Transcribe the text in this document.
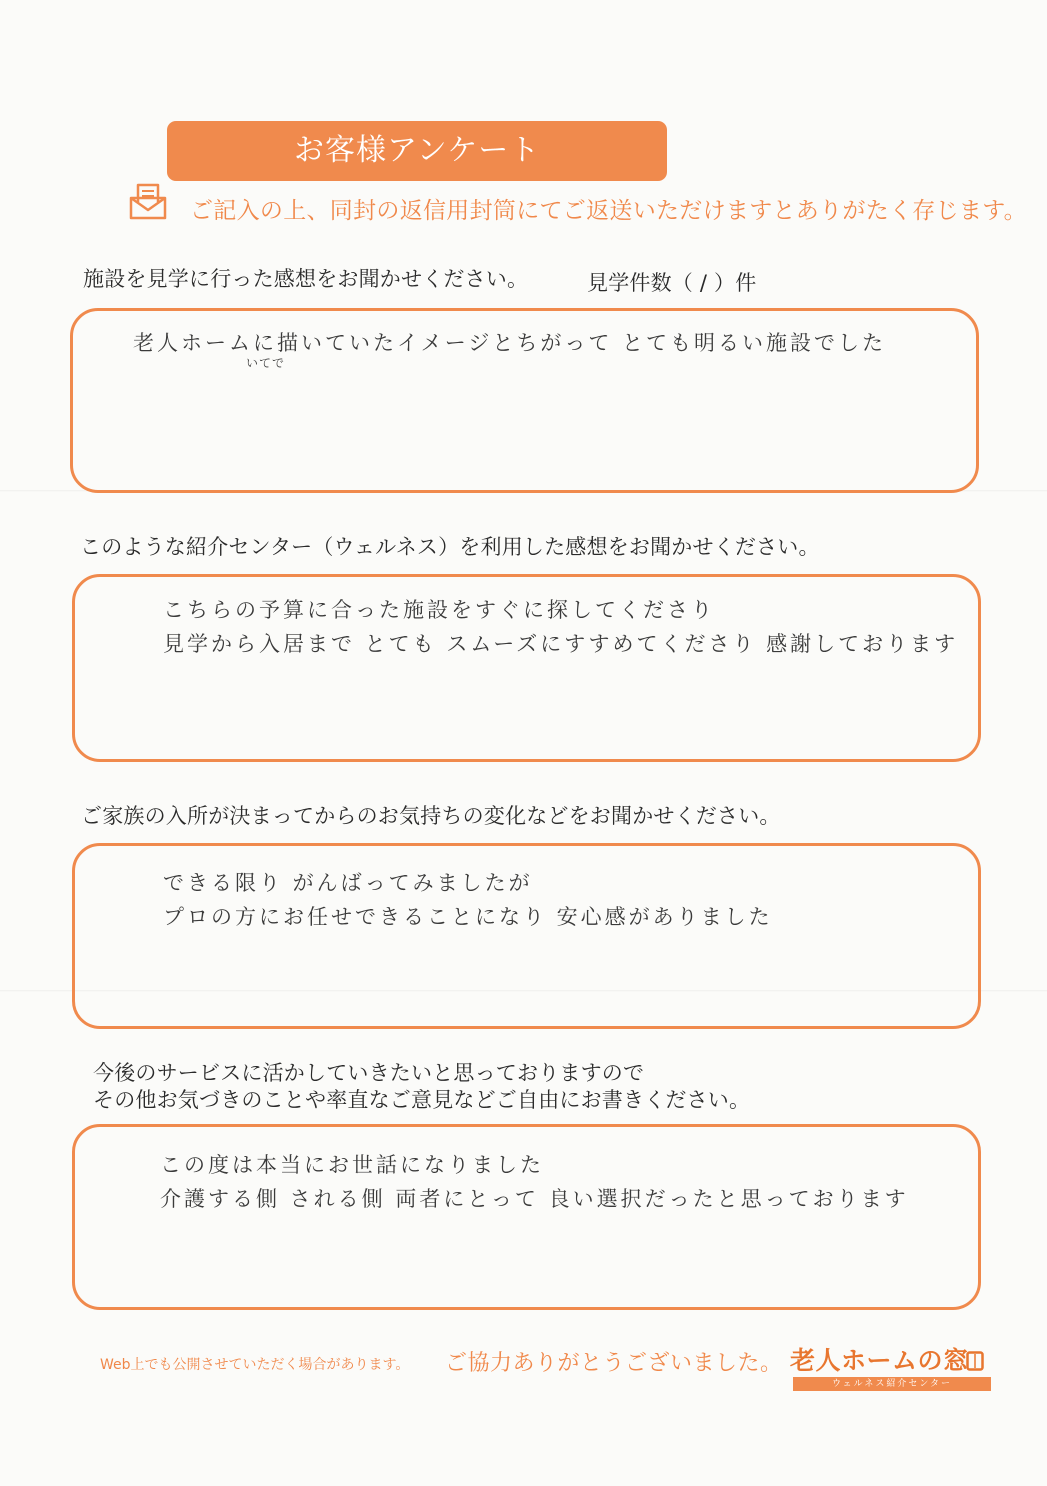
お客様アンケート
ご記入の上、同封の返信用封筒にてご返送いただけますとありがたく存じます。
施設を見学に行った感想をお聞かせください。	見学件数（ / ）件
老人ホームに描いていたイメージとちがって とても明るい施設でした
いてで
このような紹介センター（ウェルネス）を利用した感想をお聞かせください。
こちらの予算に合った施設をすぐに探してくださり
見学から入居まで とても スムーズにすすめてくださり 感謝しております
ご家族の入所が決まってからのお気持ちの変化などをお聞かせください。
できる限り がんばってみましたが
プロの方にお任せできることになり 安心感がありました
今後のサービスに活かしていきたいと思っておりますので
その他お気づきのことや率直なご意見などご自由にお書きください。
この度は本当にお世話になりました
介護する側 される側 両者にとって 良い選択だったと思っております
Web上でも公開させていただく場合があります。 ご協力ありがとうございました。 老人ホームの窓
ウェルネス紹介センター
